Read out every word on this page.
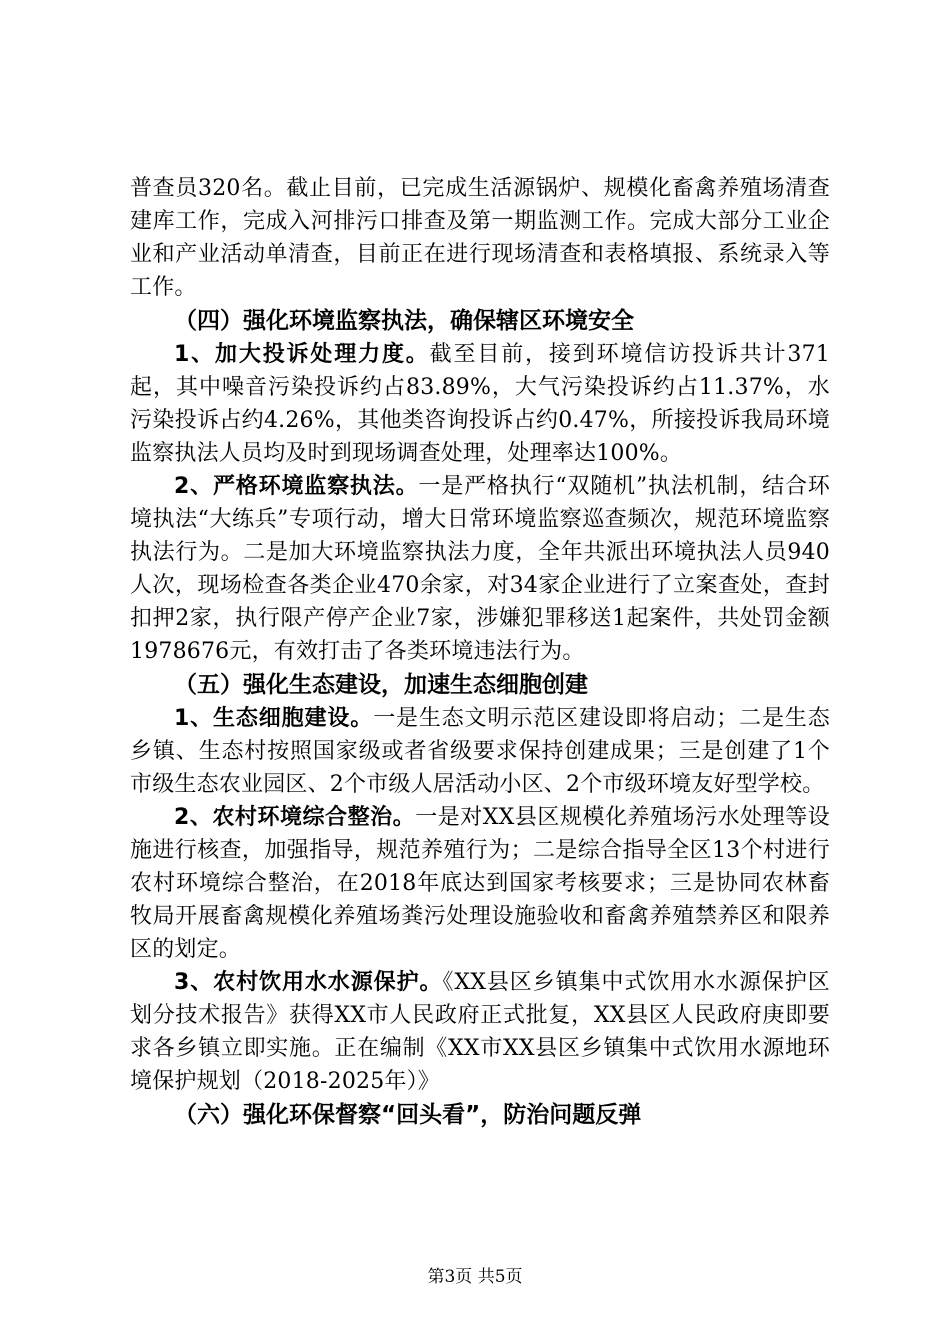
普查员320名。截止目前，已完成生活源锅炉、规模化畜禽养殖场清查建库工作，完成入河排污口排查及第一期监测工作。完成大部分工业企业和产业活动单清查，目前正在进行现场清查和表格填报、系统录入等工作。

（四）强化环境监察执法，确保辖区环境安全

1、加大投诉处理力度。截至目前，接到环境信访投诉共计371起，其中噪音污染投诉约占83.89%，大气污染投诉约占11.37%，水污染投诉占约4.26%，其他类咨询投诉占约0.47%，所接投诉我局环境监察执法人员均及时到现场调查处理，处理率达100%。

2、严格环境监察执法。一是严格执行“双随机”执法机制，结合环境执法“大练兵”专项行动，增大日常环境监察巡查频次，规范环境监察执法行为。二是加大环境监察执法力度，全年共派出环境执法人员940人次，现场检查各类企业470余家，对34家企业进行了立案查处，查封扣押2家，执行限产停产企业7家，涉嫌犯罪移送1起案件，共处罚金额1978676元，有效打击了各类环境违法行为。

（五）强化生态建设，加速生态细胞创建

1、生态细胞建设。一是生态文明示范区建设即将启动；二是生态乡镇、生态村按照国家级或者省级要求保持创建成果；三是创建了1个市级生态农业园区、2个市级人居活动小区、2个市级环境友好型学校。

2、农村环境综合整治。一是对XX县区规模化养殖场污水处理等设施进行核查，加强指导，规范养殖行为；二是综合指导全区13个村进行农村环境综合整治，在2018年底达到国家考核要求；三是协同农林畜牧局开展畜禽规模化养殖场粪污处理设施验收和畜禽养殖禁养区和限养区的划定。

3、农村饮用水水源保护。《XX县区乡镇集中式饮用水水源保护区划分技术报告》获得XX市人民政府正式批复，XX县区人民政府庚即要求各乡镇立即实施。正在编制《XX市XX县区乡镇集中式饮用水源地环境保护规划（2018-2025年）》

（六）强化环保督察“回头看”，防治问题反弹

第3页 共5页
